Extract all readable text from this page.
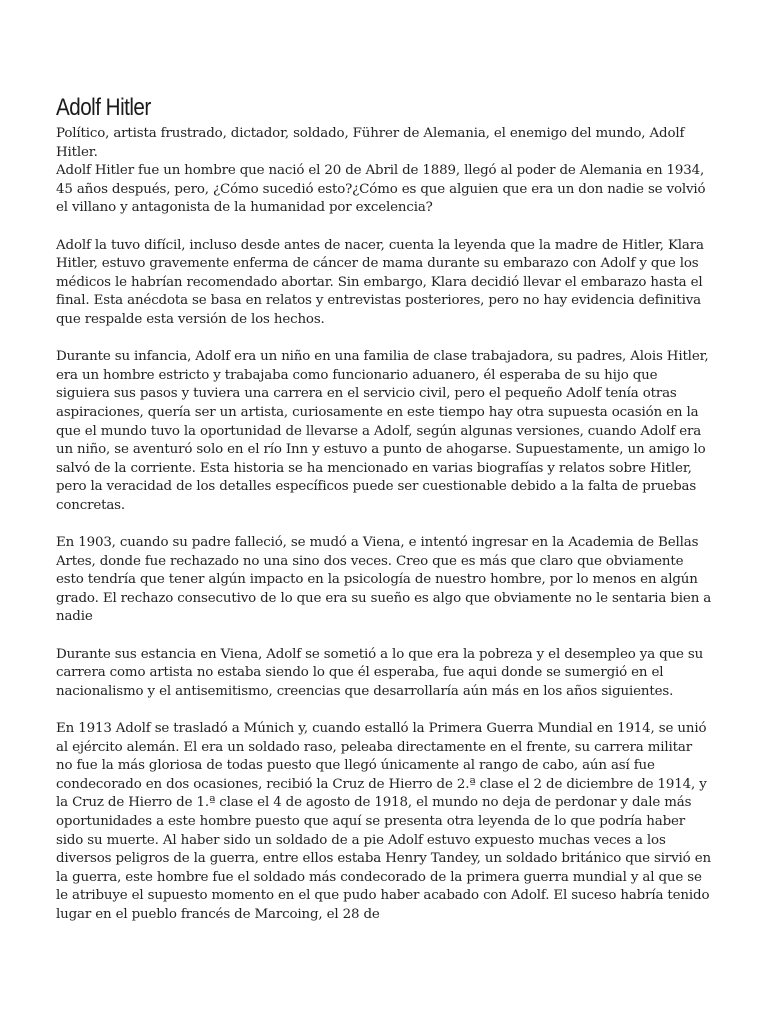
Adolf Hitler

Político, artista frustrado, dictador, soldado, Führer de Alemania, el enemigo del mundo, Adolf Hitler.

Adolf Hitler fue un hombre que nació el 20 de Abril de 1889, llegó al poder de Alemania en 1934, 45 años después, pero, ¿Cómo sucedió esto?¿Cómo es que alguien que era un don nadie se volvió el villano y antagonista de la humanidad por excelencia?

Adolf la tuvo difícil, incluso desde antes de nacer, cuenta la leyenda que la madre de Hitler, Klara Hitler, estuvo gravemente enferma de cáncer de mama durante su embarazo con Adolf y que los médicos le habrían recomendado abortar. Sin embargo, Klara decidió llevar el embarazo hasta el final. Esta anécdota se basa en relatos y entrevistas posteriores, pero no hay evidencia definitiva que respalde esta versión de los hechos.

Durante su infancia, Adolf era un niño en una familia de clase trabajadora, su padres, Alois Hitler, era un hombre estricto y trabajaba como funcionario aduanero, él esperaba de su hijo que siguiera sus pasos y tuviera una carrera en el servicio civil, pero el pequeño Adolf tenía otras aspiraciones, quería ser un artista, curiosamente en este tiempo hay otra supuesta ocasión en la que el mundo tuvo la oportunidad de llevarse a Adolf, según algunas versiones, cuando Adolf era un niño, se aventuró solo en el río Inn y estuvo a punto de ahogarse. Supuestamente, un amigo lo salvó de la corriente. Esta historia se ha mencionado en varias biografías y relatos sobre Hitler, pero la veracidad de los detalles específicos puede ser cuestionable debido a la falta de pruebas concretas.

En 1903, cuando su padre falleció, se mudó a Viena, e intentó ingresar en la Academia de Bellas Artes, donde fue rechazado no una sino dos veces. Creo que es más que claro que obviamente esto tendría que tener algún impacto en la psicología de nuestro hombre, por lo menos en algún grado. El rechazo consecutivo de lo que era su sueño es algo que obviamente no le sentaria bien a nadie

Durante sus estancia en Viena, Adolf se sometió a lo que era la pobreza y el desempleo ya que su carrera como artista no estaba siendo lo que él esperaba, fue aqui donde se sumergió en el nacionalismo y el antisemitismo, creencias que desarrollaría aún más en los años siguientes.

En 1913 Adolf se trasladó a Múnich y, cuando estalló la Primera Guerra Mundial en 1914, se unió al ejército alemán. El era un soldado raso, peleaba directamente en el frente, su carrera militar no fue la más gloriosa de todas puesto que llegó únicamente al rango de cabo, aún así fue condecorado en dos ocasiones, recibió la Cruz de Hierro de 2.ª clase el 2 de diciembre de 1914, y la Cruz de Hierro de 1.ª clase el 4 de agosto de 1918, el mundo no deja de perdonar y dale más oportunidades a este hombre puesto que aquí se presenta otra leyenda de lo que podría haber sido su muerte. Al haber sido un soldado de a pie Adolf estuvo expuesto muchas veces a los diversos peligros de la guerra, entre ellos estaba Henry Tandey, un soldado británico que sirvió en la guerra, este hombre fue el soldado más condecorado de la primera guerra mundial y al que se le atribuye el supuesto momento en el que pudo haber acabado con Adolf. El suceso habría tenido lugar en el pueblo francés de Marcoing, el 28 de
